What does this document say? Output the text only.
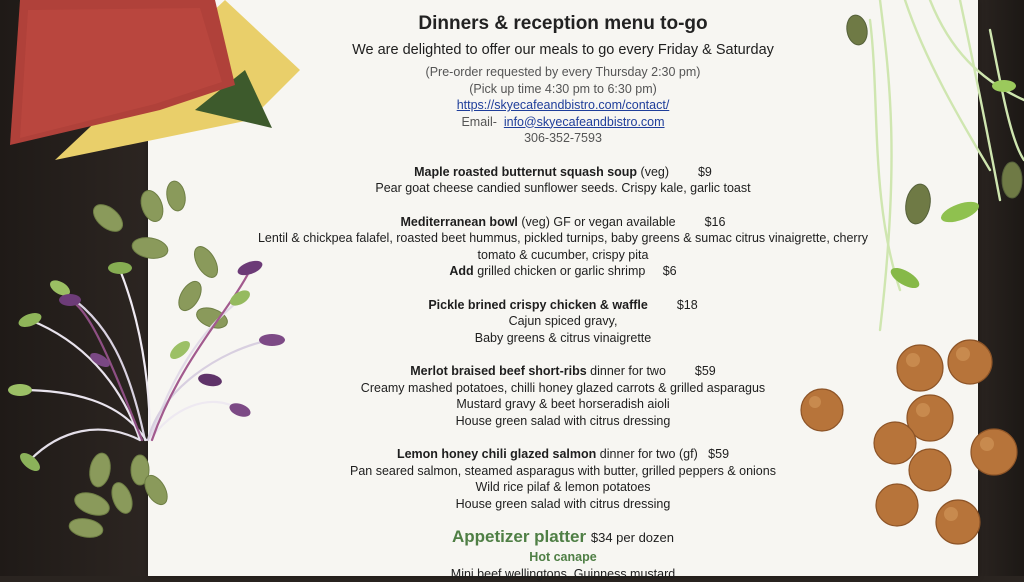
Dinners & reception menu to-go
We are delighted to offer our meals to go every Friday & Saturday
(Pre-order requested by every Thursday 2:30 pm)
(Pick up time 4:30 pm to 6:30 pm)
https://skyecafeandbistro.com/contact/
Email- info@skyecafeandbistro.com
306-352-7593
Maple roasted butternut squash soup (veg) $9
Pear goat cheese candied sunflower seeds. Crispy kale, garlic toast
Mediterranean bowl (veg) GF or vegan available $16
Lentil & chickpea falafel, roasted beet hummus, pickled turnips, baby greens & sumac citrus vinaigrette, cherry
tomato & cucumber, crispy pita
Add grilled chicken or garlic shrimp $6
Pickle brined crispy chicken & waffle $18
Cajun spiced gravy,
Baby greens & citrus vinaigrette
Merlot braised beef short-ribs dinner for two $59
Creamy mashed potatoes, chilli honey glazed carrots & grilled asparagus
Mustard gravy & beet horseradish aioli
House green salad with citrus dressing
Lemon honey chili glazed salmon dinner for two (gf) $59
Pan seared salmon, steamed asparagus with butter, grilled peppers & onions
Wild rice pilaf & lemon potatoes
House green salad with citrus dressing
Appetizer platter $34 per dozen
Hot canape
Mini beef wellingtons, Guinness mustard
